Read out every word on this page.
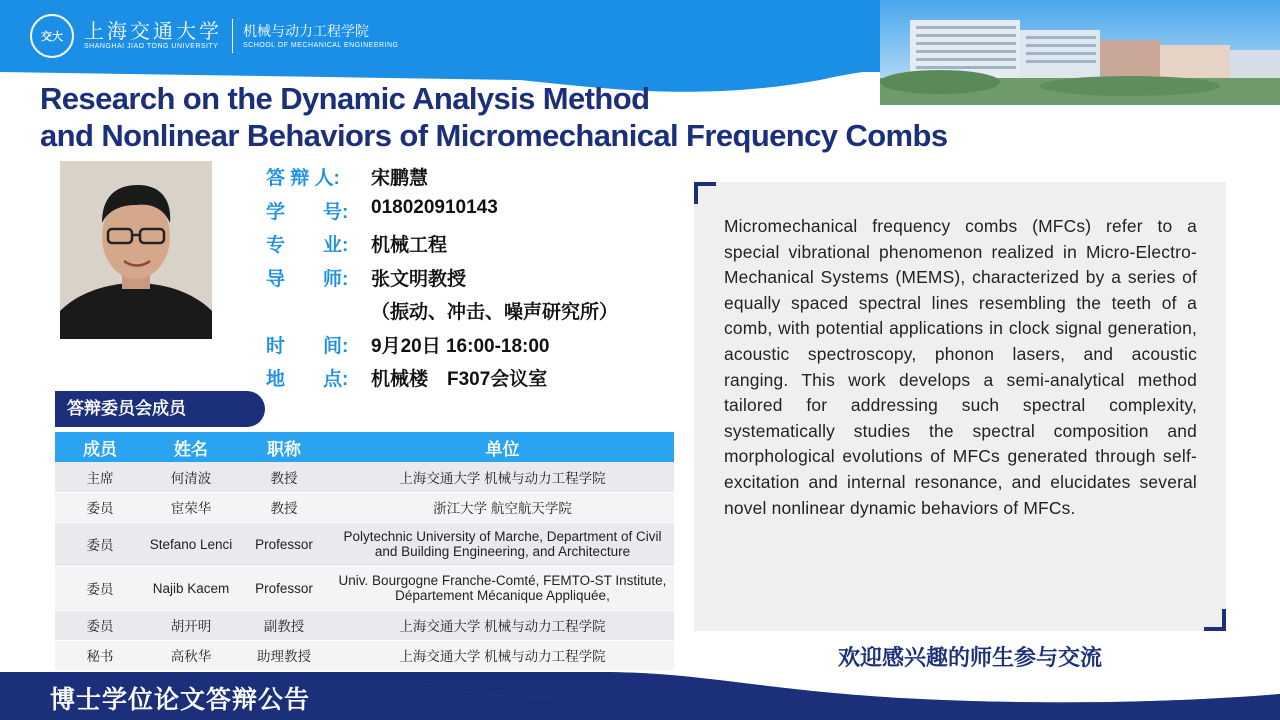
交大	上海交通大学
SHANGHAI JIAO TONG UNIVERSITY
机械与动力工程学院
SCHOOL OF MECHANICAL ENGINEERING
Research on the Dynamic Analysis Method
and Nonlinear Behaviors of Micromechanical Frequency Combs
答 辩 人:	宋鹏慧
学　　号:	018020910143
专　　业:	机械工程
导　　师:	张文明教授
（振动、冲击、噪声研究所）
时　　间:	9月20日 16:00-18:00
地　　点:	机械楼　F307会议室
答辩委员会成员
成员	姓名	职称	单位
主席	何清波	教授	上海交通大学 机械与动力工程学院
委员	宦荣华	教授	浙江大学 航空航天学院
委员	Stefano Lenci	Professor	Polytechnic University of Marche, Department of Civil and Building Engineering, and Architecture
委员	Najib Kacem	Professor	Univ. Bourgogne Franche-Comté, FEMTO-ST Institute, Département Mécanique Appliquée,
委员	胡开明	副教授	上海交通大学 机械与动力工程学院
秘书	高秋华	助理教授	上海交通大学 机械与动力工程学院
Micromechanical frequency combs (MFCs) refer to a special vibrational phenomenon realized in Micro-Electro-Mechanical Systems (MEMS), characterized by a series of equally spaced spectral lines resembling the teeth of a comb, with potential applications in clock signal generation, acoustic spectroscopy, phonon lasers, and acoustic ranging. This work develops a semi-analytical method tailored for addressing such spectral complexity, systematically studies the spectral composition and morphological evolutions of MFCs generated through self-excitation and internal resonance, and elucidates several novel nonlinear dynamic behaviors of MFCs.
欢迎感兴趣的师生参与交流
博士学位论文答辩公告
